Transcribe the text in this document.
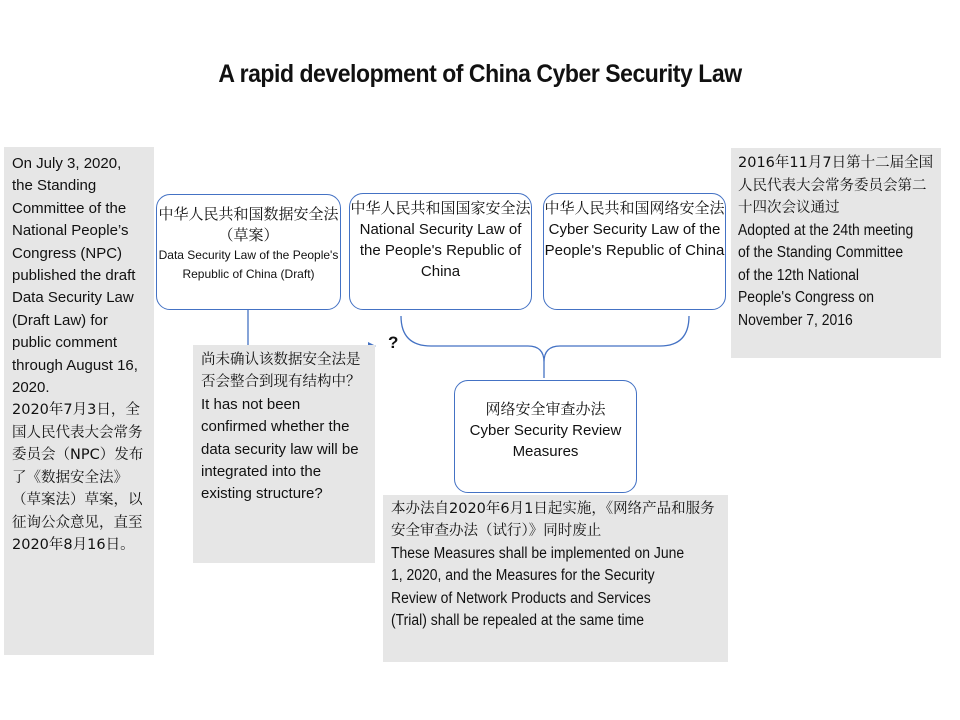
A rapid development of China Cyber Security Law
On July 3, 2020, the Standing Committee of the National People’s Congress (NPC) published the draft Data Security Law (Draft Law) for public comment through August 16, 2020.
2020年7月3日，全国人民代表大会常务委员会（NPC）发布了《数据安全法》（草案法）草案，以征询公众意见，直至2020年8月16日。
2016年11月7日第十二届全国人民代表大会常务委员会第二十四次会议通过
Adopted at the 24th meeting of the Standing Committee of the 12th National People's Congress on November 7, 2016
中华人民共和国数据安全法（草案）
Data Security Law of the People's Republic of China (Draft)
中华人民共和国国家安全法
National Security Law of the People's Republic of China
中华人民共和国网络安全法
Cyber Security Law of the People's Republic of China
?
尚未确认该数据安全法是否会整合到现有结构中？
It has not been confirmed whether the data security law will be integrated into the existing structure?
网络安全审查办法
Cyber Security Review Measures
本办法自2020年6月1日起实施，《网络产品和服务安全审查办法（试行）》同时废止
These Measures shall be implemented on June 1, 2020, and the Measures for the Security Review of Network Products and Services (Trial) shall be repealed at the same time
